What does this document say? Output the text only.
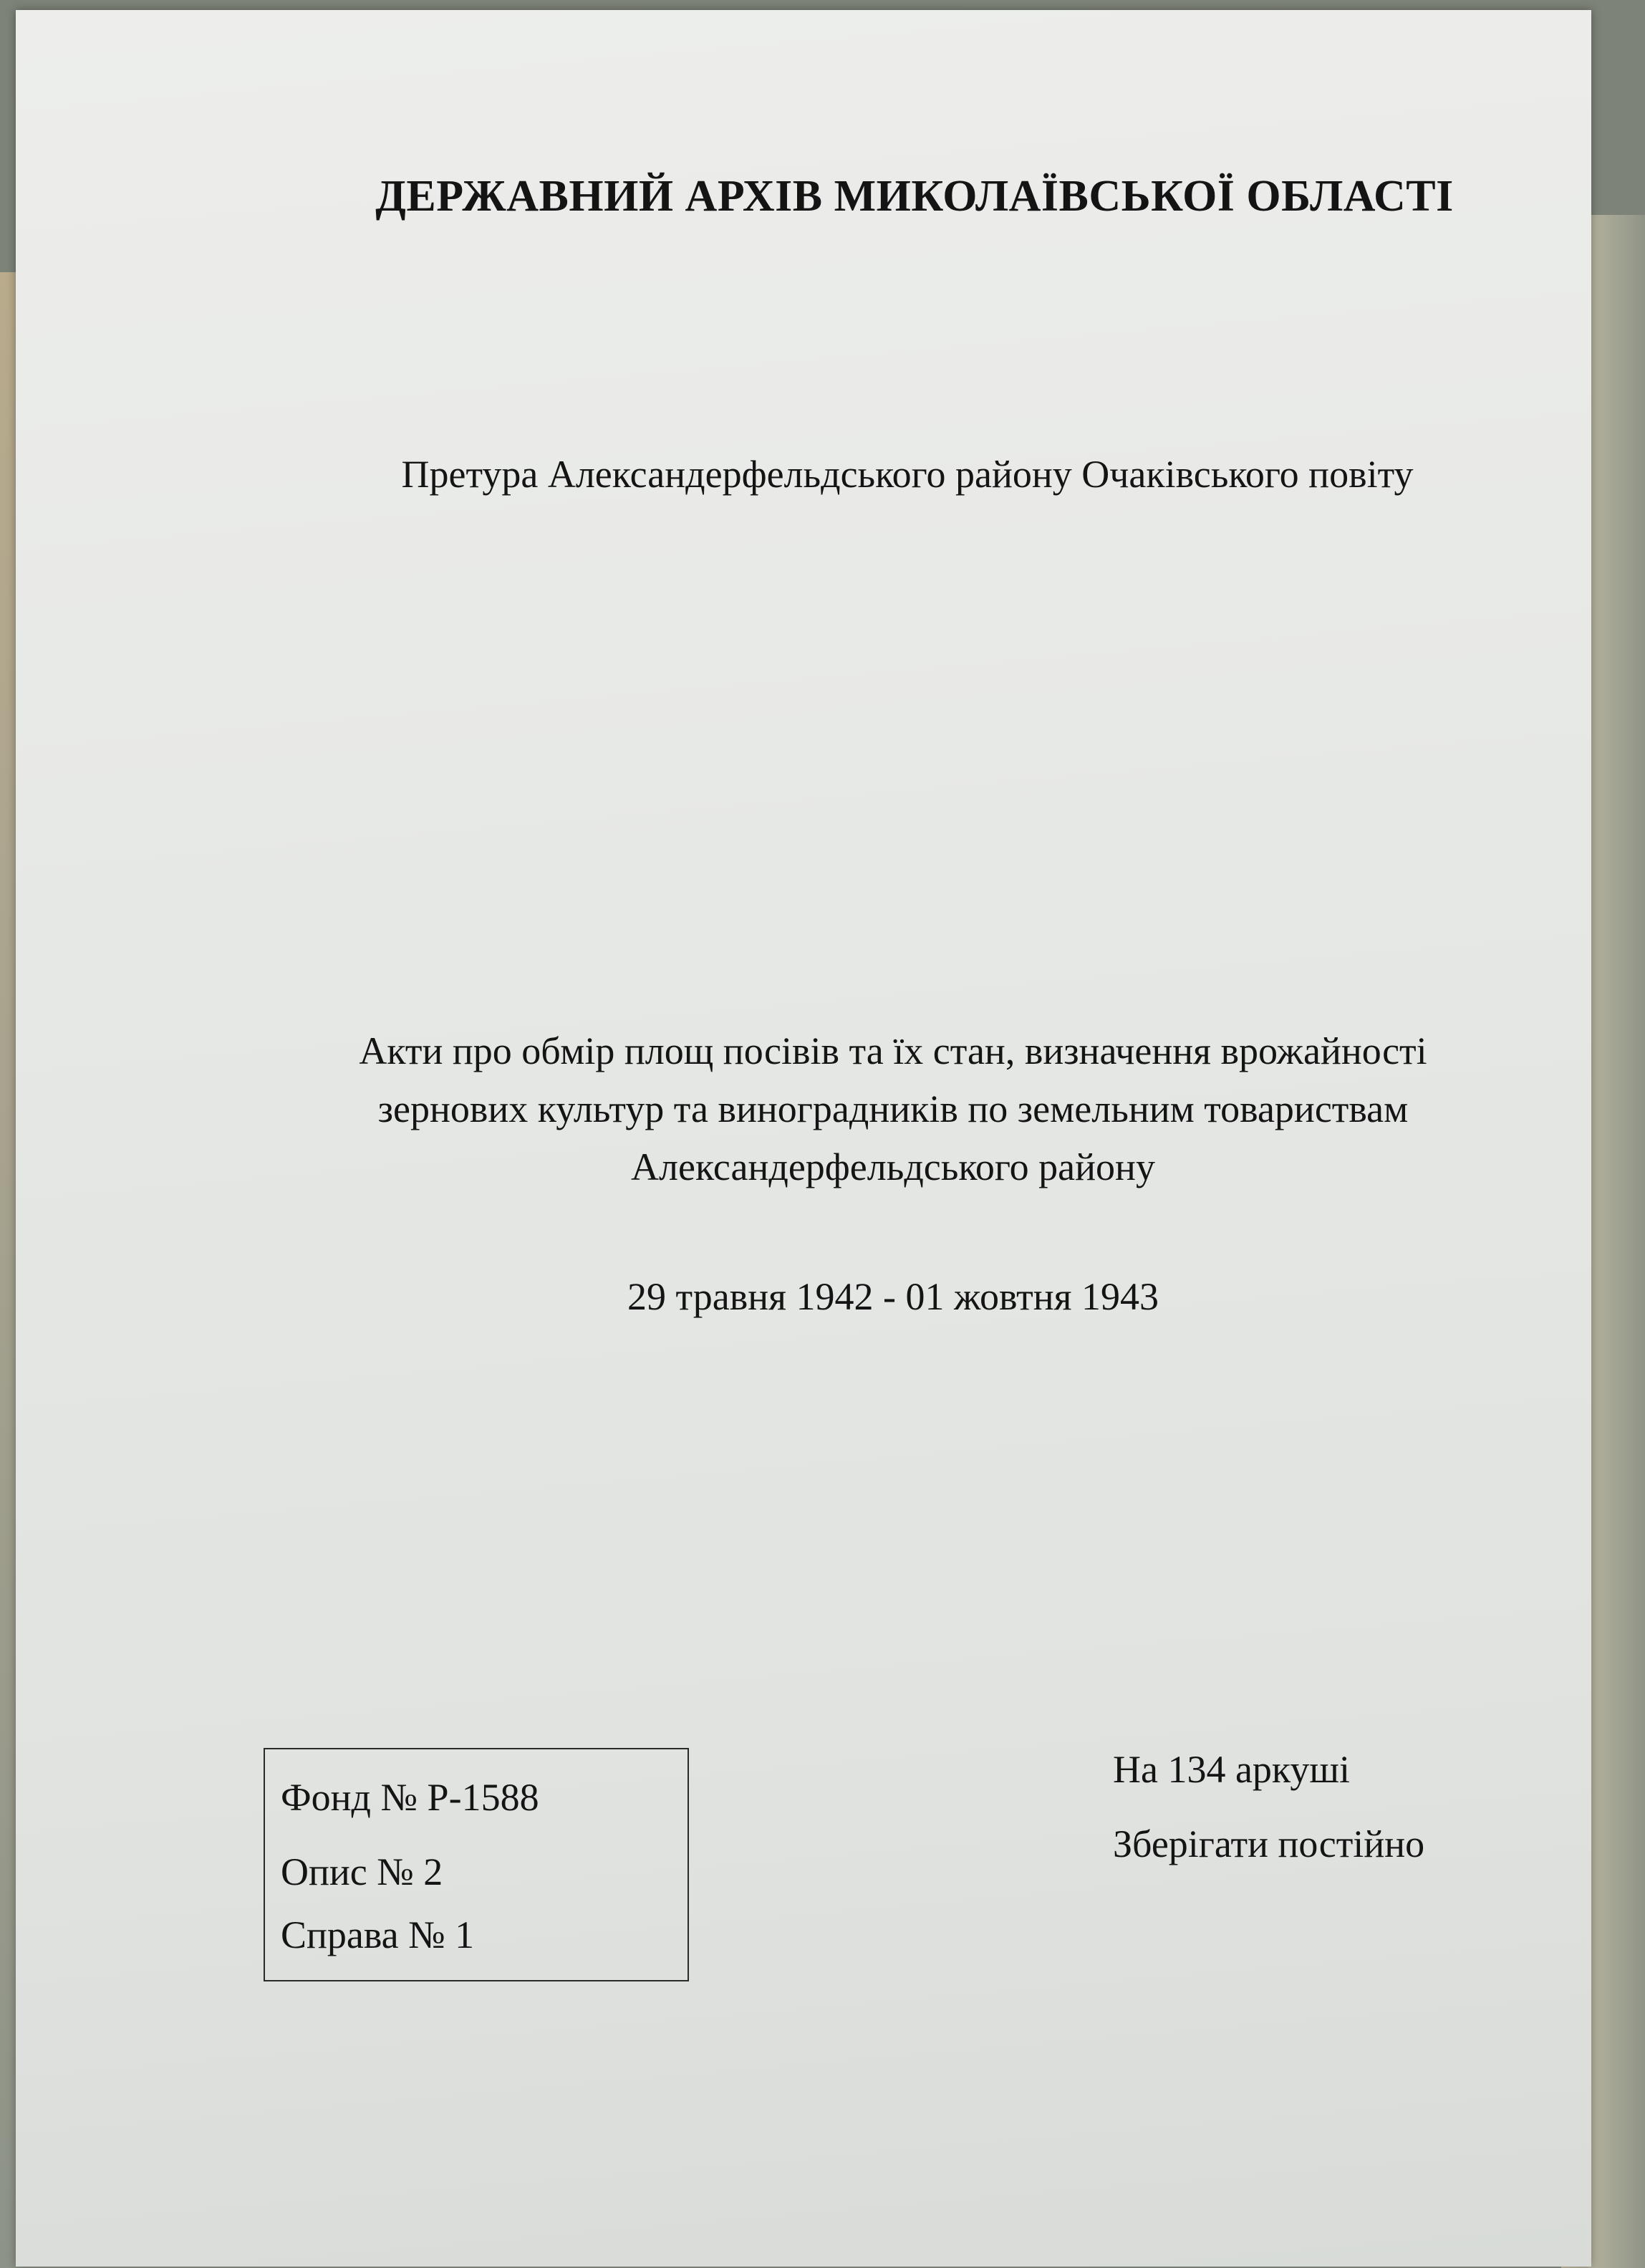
ДЕРЖАВНИЙ АРХІВ МИКОЛАЇВСЬКОЇ ОБЛАСТІ

Претура Александерфельдського району Очаківського повіту

Акти про обмір площ посівів та їх стан, визначення врожайності
зернових культур та виноградників по земельним товариствам
Александерфельдського району

29 травня 1942 - 01 жовтня 1943

Фонд № Р-1588
Опис № 2
Справа № 1

На 134 аркуші

Зберігати постійно
